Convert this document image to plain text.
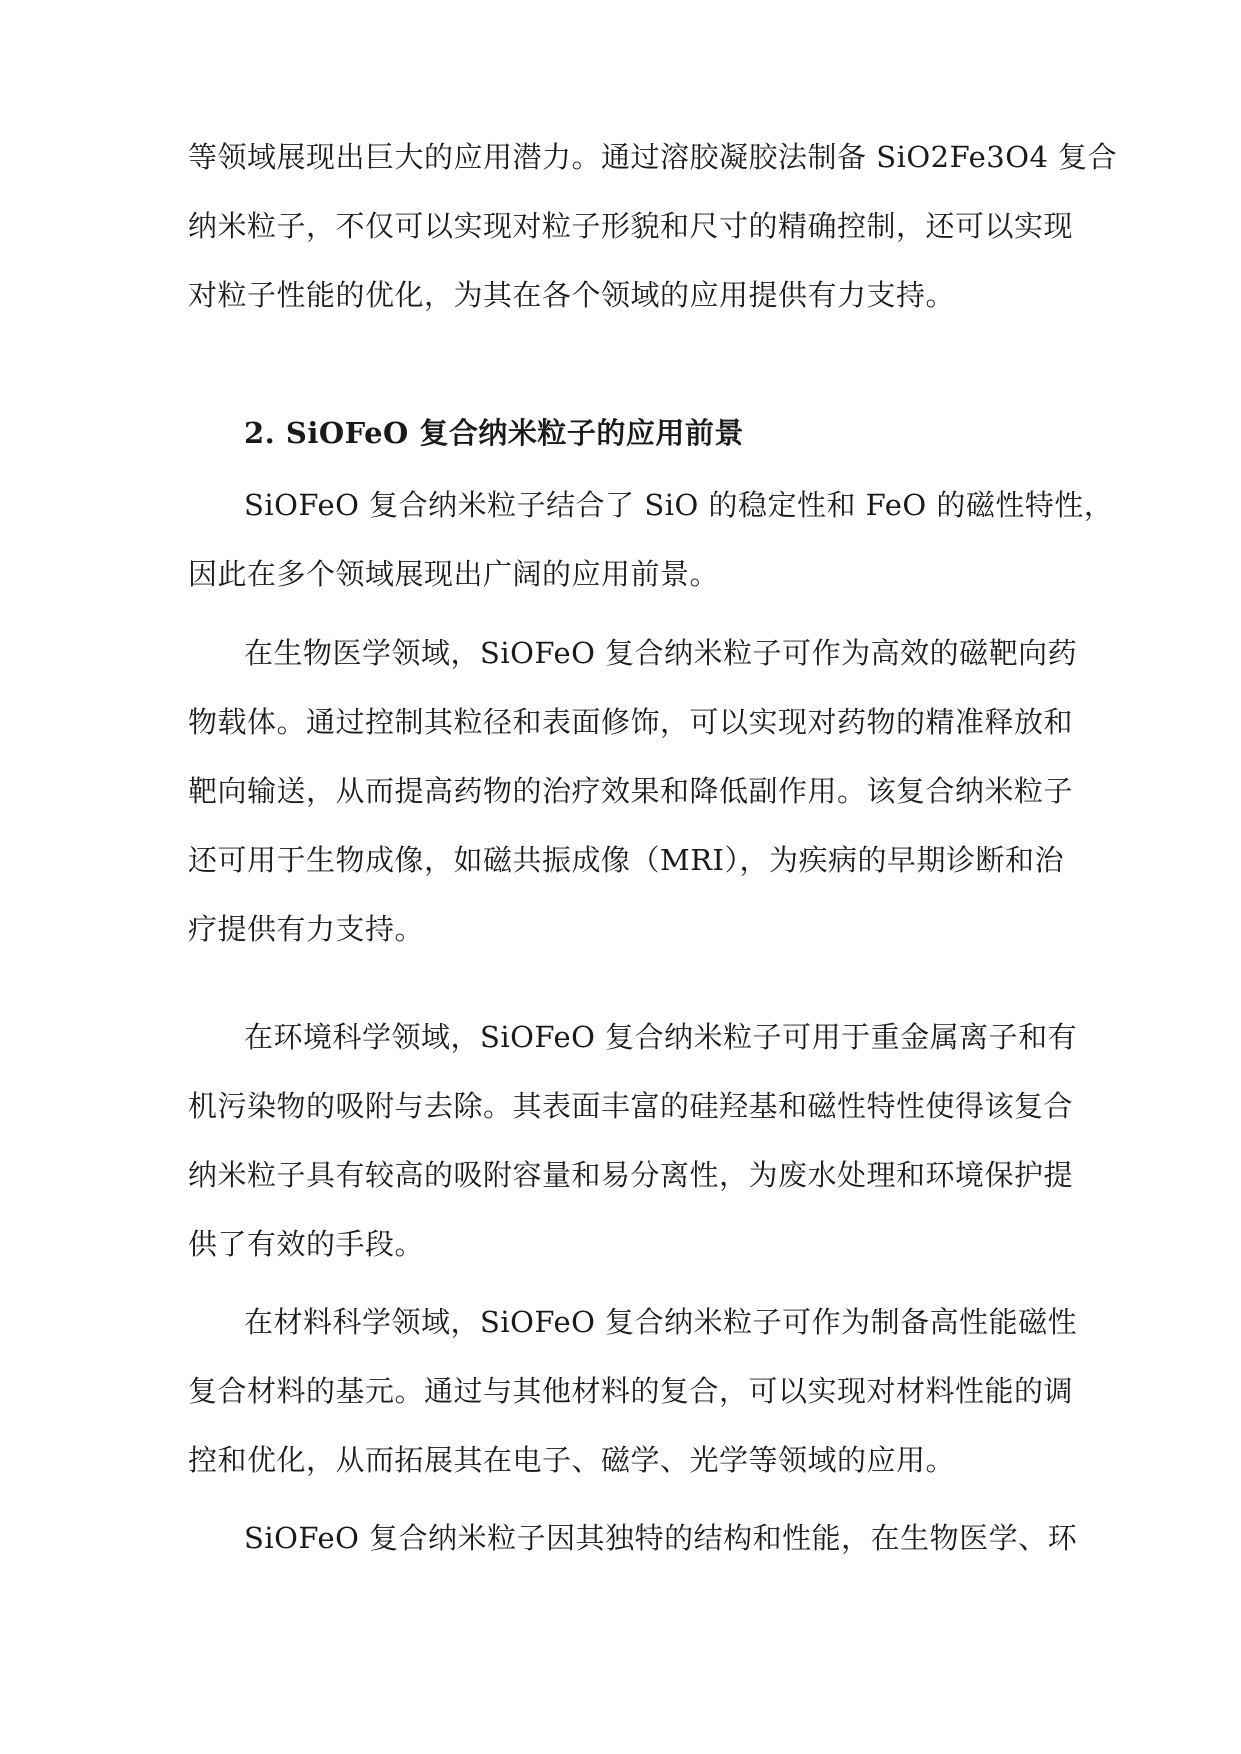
等领域展现出巨大的应用潜力。通过溶胶凝胶法制备 SiO2Fe3O4 复合
纳米粒子，不仅可以实现对粒子形貌和尺寸的精确控制，还可以实现
对粒子性能的优化，为其在各个领域的应用提供有力支持。
2. SiOFeO 复合纳米粒子的应用前景
SiOFeO 复合纳米粒子结合了 SiO 的稳定性和 FeO 的磁性特性，
因此在多个领域展现出广阔的应用前景。
在生物医学领域，SiOFeO 复合纳米粒子可作为高效的磁靶向药
物载体。通过控制其粒径和表面修饰，可以实现对药物的精准释放和
靶向输送，从而提高药物的治疗效果和降低副作用。该复合纳米粒子
还可用于生物成像，如磁共振成像（MRI），为疾病的早期诊断和治
疗提供有力支持。
在环境科学领域，SiOFeO 复合纳米粒子可用于重金属离子和有
机污染物的吸附与去除。其表面丰富的硅羟基和磁性特性使得该复合
纳米粒子具有较高的吸附容量和易分离性，为废水处理和环境保护提
供了有效的手段。
在材料科学领域，SiOFeO 复合纳米粒子可作为制备高性能磁性
复合材料的基元。通过与其他材料的复合，可以实现对材料性能的调
控和优化，从而拓展其在电子、磁学、光学等领域的应用。
SiOFeO 复合纳米粒子因其独特的结构和性能，在生物医学、环
